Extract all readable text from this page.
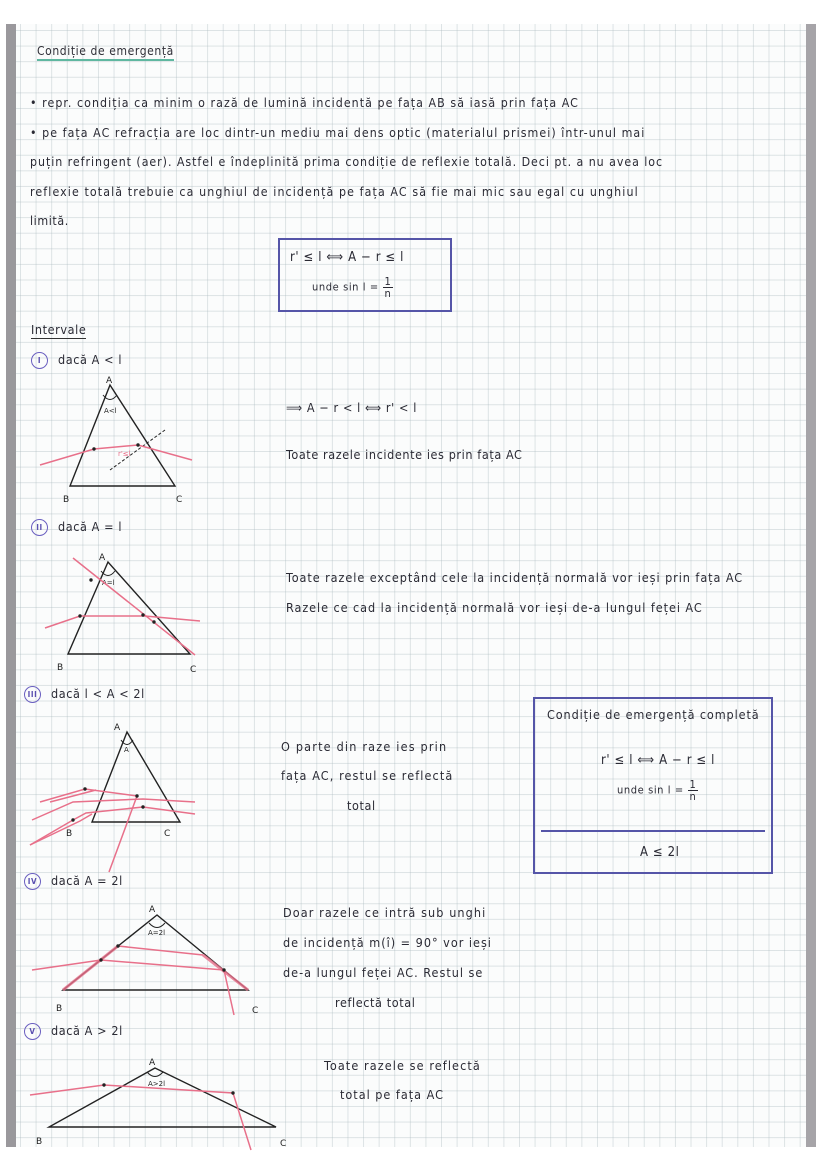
Condiție de emergență
• repr. condiția ca minim o rază de lumină incidentă pe fața AB să iasă prin fața AC
• pe fața AC refracția are loc dintr-un mediu mai dens optic (materialul prismei) într-unul mai
puțin refringent (aer). Astfel e îndeplinită prima condiție de reflexie totală. Deci pt. a nu avea loc
reflexie totală trebuie ca unghiul de incidență pe fața AC să fie mai mic sau egal cu unghiul
limită.
r' ≤ l ⟺ A − r ≤ l
unde $\sin l = \frac{1}{n}$
Intervale
I dacă A < l
A
A<l
r'≤l
B	C
⟹ A − r < l ⟺ r' < l
Toate razele incidente ies prin fața AC
II dacă A = l
A
A=l
B	C
Toate razele exceptând cele la incidență normală vor ieși prin fața AC
Razele ce cad la incidență normală vor ieși de-a lungul feței AC
III dacă l < A < 2l
A
A
B	C
O parte din raze ies prin
fața AC, restul se reflectă
total
Condiție de emergență completă
r' ≤ l ⟺ A − r ≤ l
unde $\sin l = \frac{1}{n}$
A ≤ 2l
IV dacă A = 2l
A
A=2l
B	C
Doar razele ce intră sub unghi
de incidență m(î) = 90° vor ieși
de-a lungul feței AC. Restul se
reflectă total
V dacă A > 2l
A
A>2l
B	C
Toate razele se reflectă
total pe fața AC
